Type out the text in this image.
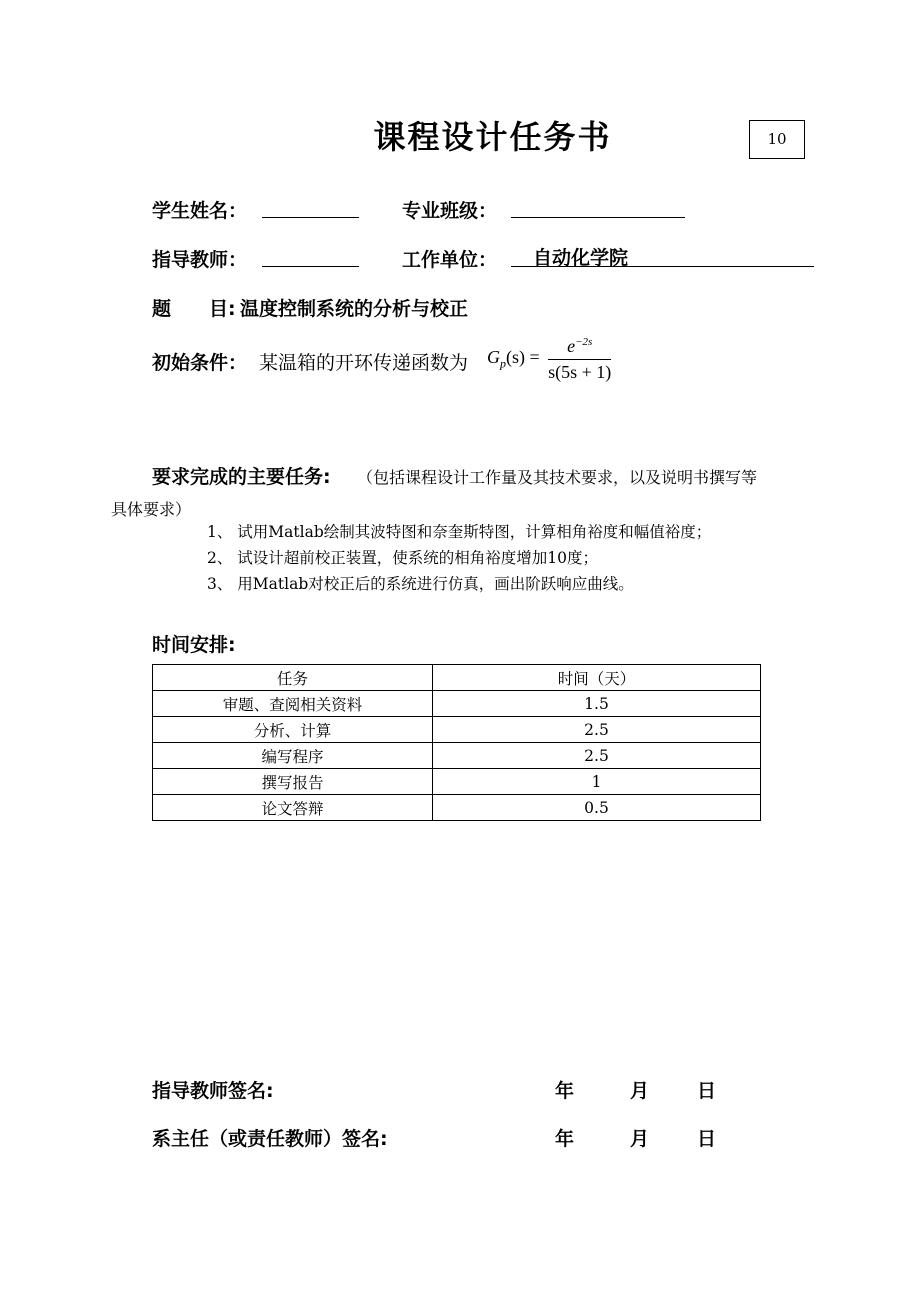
课程设计任务书	10
学生姓名：	专业班级：
指导教师：	工作单位： 自动化学院
题　　目: 温度控制系统的分析与校正
初始条件： 某温箱的开环传递函数为 $G_p(s) = \frac{e^{-2s}}{s(5s + 1)}$
要求完成的主要任务: （包括课程设计工作量及其技术要求，以及说明书撰写等
具体要求）
1、 试用Matlab绘制其波特图和奈奎斯特图，计算相角裕度和幅值裕度；
2、 试设计超前校正装置，使系统的相角裕度增加10度；
3、 用Matlab对校正后的系统进行仿真，画出阶跃响应曲线。
时间安排:
任务	时间（天）
审题、查阅相关资料	1.5
分析、计算	2.5
编写程序	2.5
撰写报告	1
论文答辩	0.5
指导教师签名:	年	月	日
系主任（或责任教师）签名:	年	月	日
